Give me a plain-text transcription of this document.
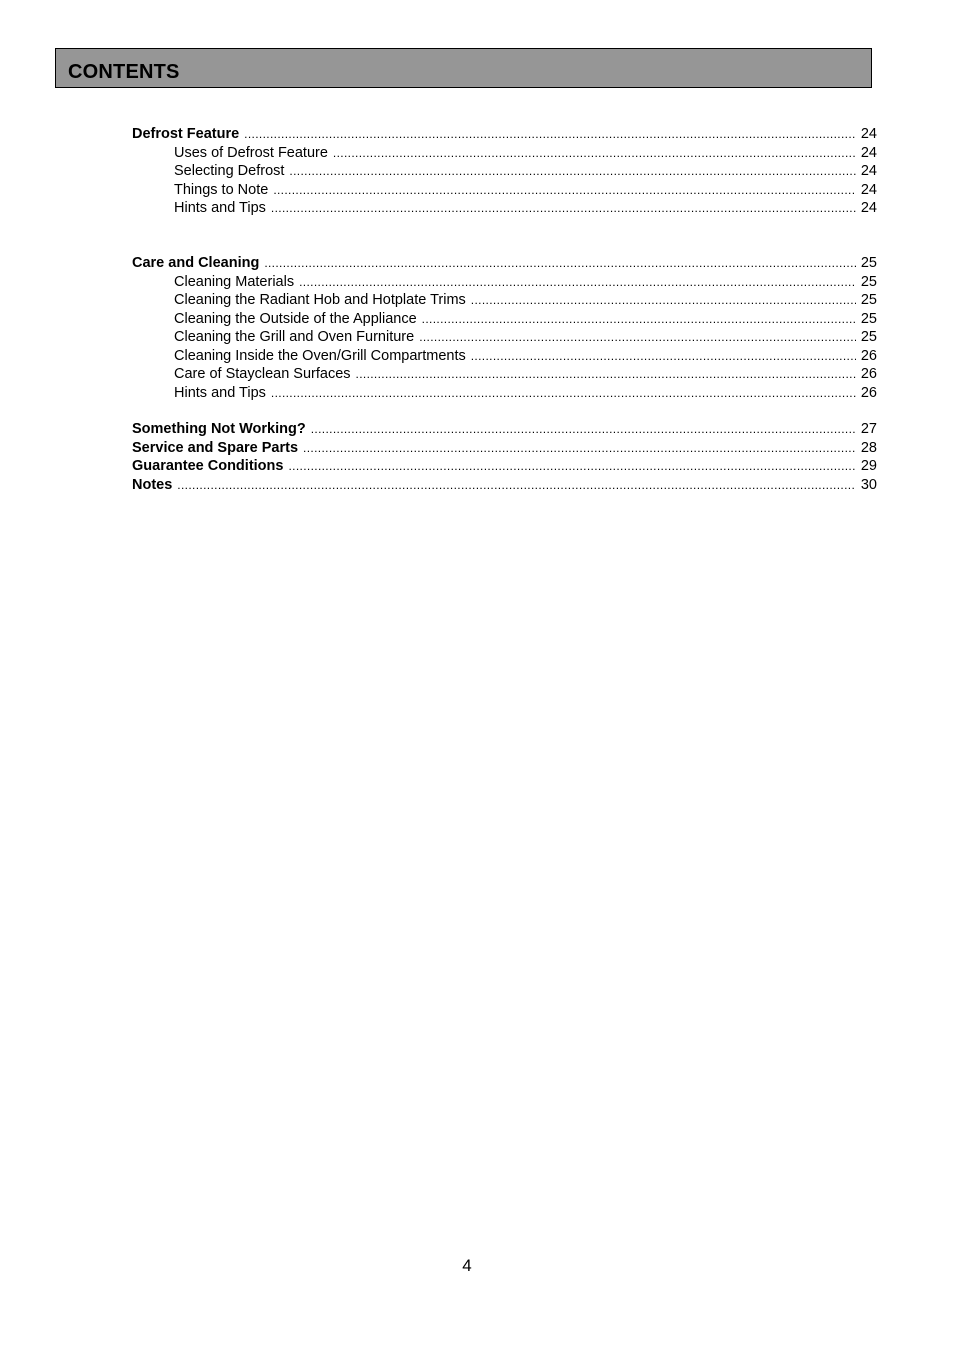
CONTENTS
Defrost Feature .....	24
Uses of Defrost Feature .....	24
Selecting Defrost .....	24
Things to Note .....	24
Hints and Tips .....	24
Care and Cleaning .....	25
Cleaning Materials .....	25
Cleaning the Radiant Hob and Hotplate Trims .....	25
Cleaning the Outside of the Appliance .....	25
Cleaning the Grill and Oven Furniture .....	25
Cleaning Inside the Oven/Grill Compartments .....	26
Care of Stayclean Surfaces .....	26
Hints and Tips .....	26
Something Not Working? .....	27
Service and Spare Parts .....	28
Guarantee Conditions .....	29
Notes .....	30
4
